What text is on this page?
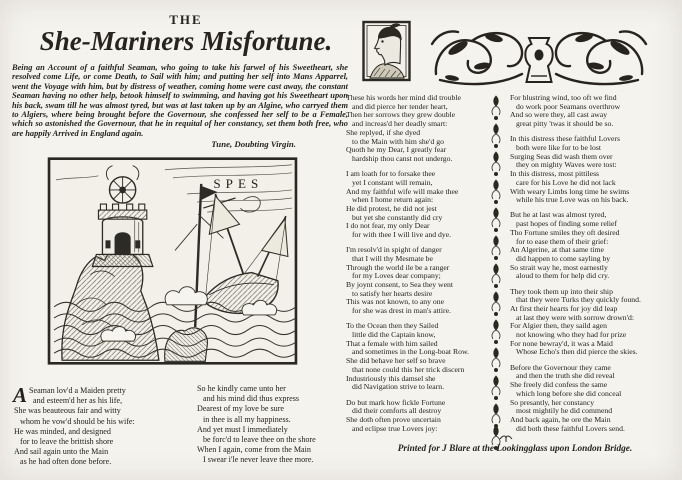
THE
She-Mariners Misfortune.

Being an Account of a faithful Seaman, who going to take his farwel of his Sweetheart, she resolved come Life, or come Death, to Sail with him; and putting her self into Mans Apparrel, went the Voyage with him, but by distress of weather, coming home were cast away, the constant Seaman having no other help, betook himself to swimming, and having got his Sweetheart upon his back, swam till he was almost tyred, but was at last taken up by an Algine, who carryed them to Algiers, where being brought before the Governour, she confessed her self to be a Female, which so astonished the Governour, that he in requital of her constancy, set them both free, who are happily Arrived in England again.

Tune, Doubting Virgin.
SPES
A Seaman lov'd a Maiden pretty
and esteem'd her as his life,
She was beauteous fair and witty
whom he vow'd should be his wife:
He was minded, and designed
for to leave the brittish shore
And sail again unto the Main
as he had often done before.

So he kindly came unto her
and his mind did thus express
Dearest of my love be sure
in thee is all my happiness.
And yet must I immediately
be forc'd to leave thee on the shore
When I again, come from the Main
I swear i'le never leave thee more.

These his words her mind did trouble
and did pierce her tender heart,
Then her sorrows they grew double
and increas'd her deadly smart:
She replyed, if she dyed
to the Main with him she'd go
Quoth he my Dear, I greatly fear
hardship thou canst not undergo.

I am loath for to forsake thee
yet I constant will remain,
And my faithful wife will make thee
when I home return again:
He did protest, he did not jest
but yet she constantly did cry
I do not fear, my only Dear
for with thee I will live and dye.

I'm resolv'd in spight of danger
that I will thy Mesmate be
Through the world ile be a ranger
for my Loves dear company;
By joynt consent, to Sea they went
to satisfy her hearts desire
This was not known, to any one
for she was drest in man's attire.

To the Ocean then they Sailed
little did the Captain know,
That a female with him sailed
and sometimes in the Long-boat Row.
She did behave her self so brave
that none could this her trick discern
Industriously this damsel she
did Navigation strive to learn.

Do but mark how fickle Fortune
did their comforts all destroy
She doth often prove uncertain
and eclipse true Lovers joy:

For blustring wind, too oft we find
do work poor Seamans overthrow
And so were they, all cast away
great pitty 'twas it should be so.

In this distress these faithful Lovers
both were like for to be lost
Surging Seas did wash them over
they on mighty Waves were tost:
In this distress, most pittiless
care for his Love he did not lack
With weary Limbs long time he swims
while his true Love was on his back.

But he at last was almost tyred,
past hopes of finding some relief
Tho Fortune smiles they oft desired
for to ease them of their grief:
An Algerine, at that same time
did happen to come sayling by
So strait way he, most earnestly
aloud to them for help did cry.

They took them up into their ship
that they were Turks they quickly found.
At first their hearts for joy did leap
at last they were with sorrow drown'd:
For Algier then, they saild agen
not knowing who they had for prize
For none bewray'd, it was a Maid
Whose Echo's then did pierce the skies.

Before the Governour they came
and then the truth she did reveal
She freely did confess the same
which long before she did conceal
So presantly, her constancy
most mightily he did commend
And back again, he ore the Main
did both these faithful Lovers send.

Printed for J Blare at the Lookingglass upon London Bridge.
